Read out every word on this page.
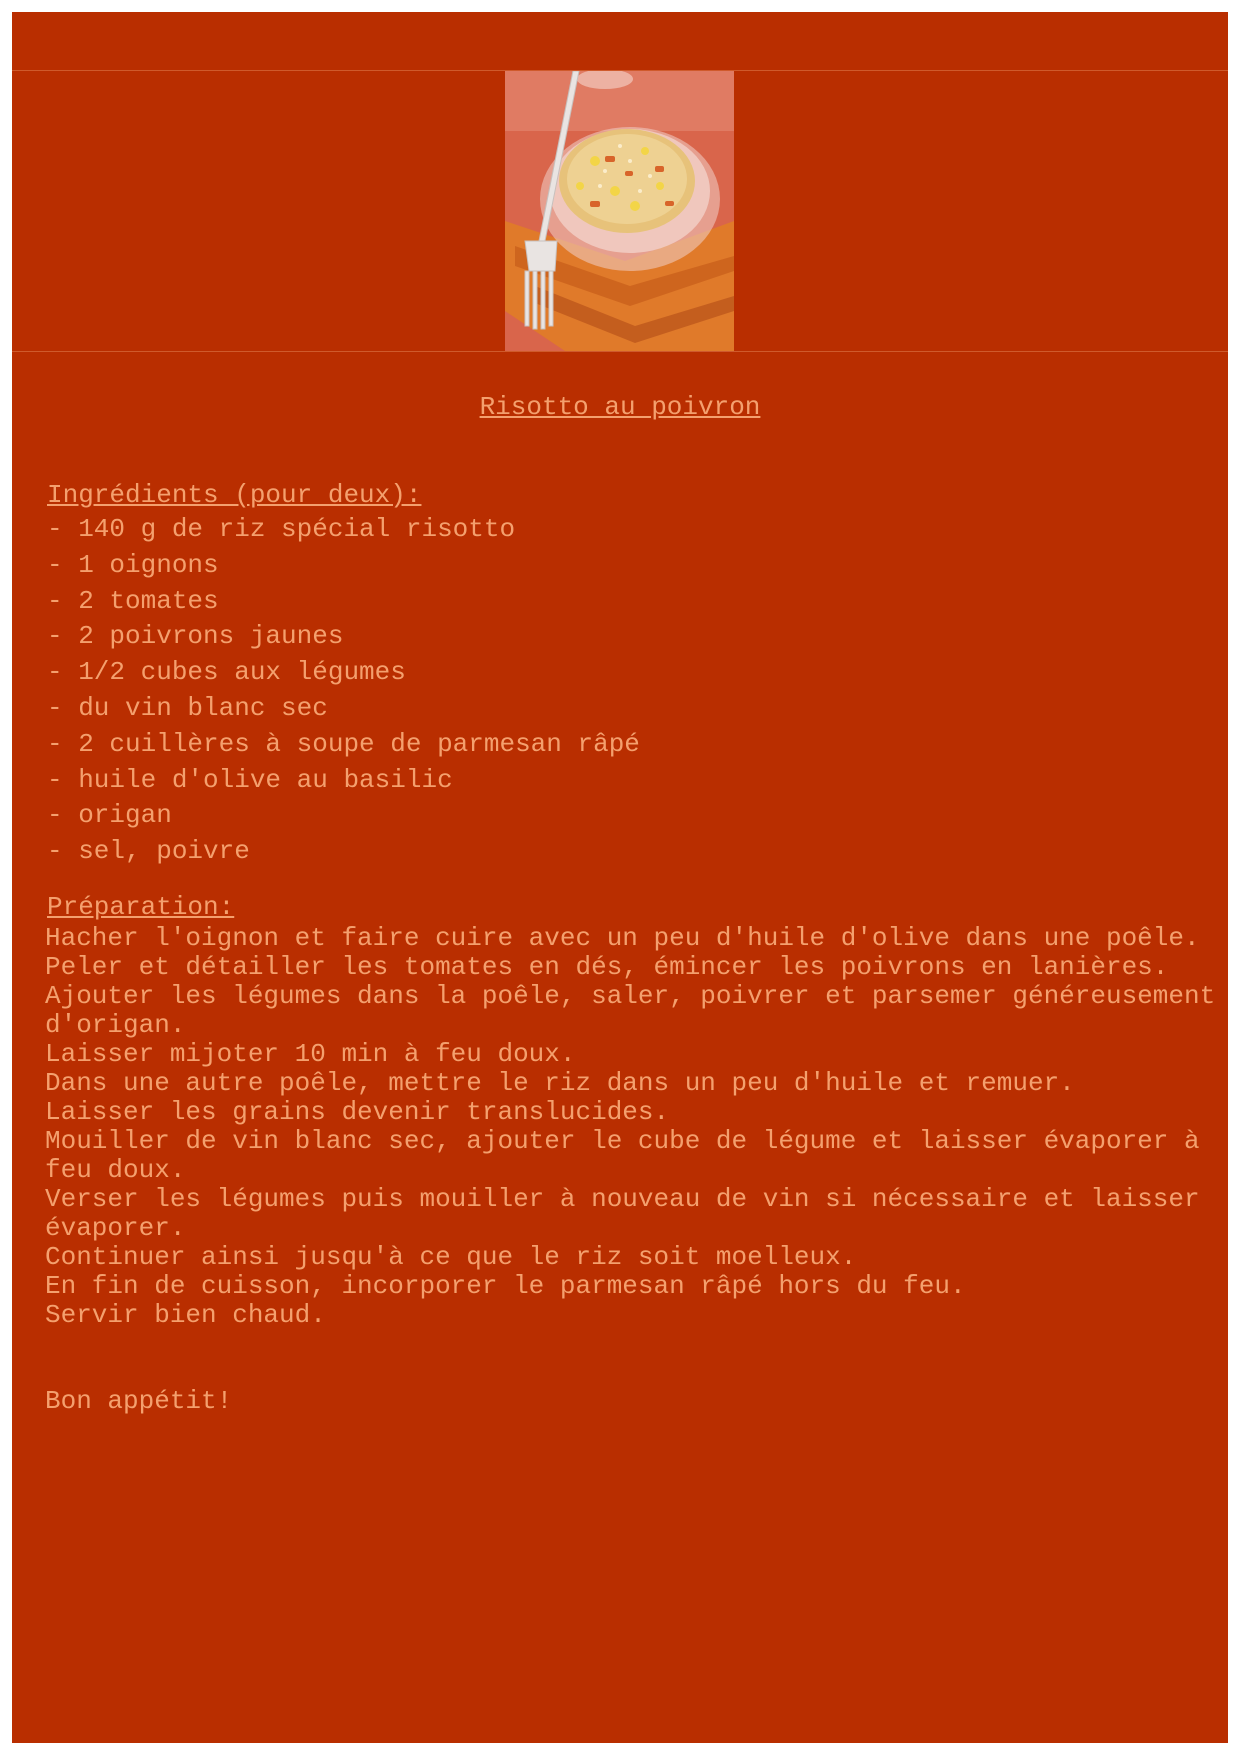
Risotto au poivron
Ingrédients (pour deux):
- 140 g de riz spécial risotto
- 1 oignons
- 2 tomates
- 2 poivrons jaunes
- 1/2 cubes aux légumes
- du vin blanc sec
- 2 cuillères à soupe de parmesan râpé
- huile d'olive au basilic
- origan
- sel, poivre
Préparation:
Hacher l'oignon et faire cuire avec un peu d'huile d'olive dans une poêle.
Peler et détailler les tomates en dés, émincer les poivrons en lanières.
Ajouter les légumes dans la poêle, saler, poivrer et parsemer généreusement d'origan.
Laisser mijoter 10 min à feu doux.
Dans une autre poêle, mettre le riz dans un peu d'huile et remuer.
Laisser les grains devenir translucides.
Mouiller de vin blanc sec, ajouter le cube de légume et laisser évaporer à feu doux.
Verser les légumes puis mouiller à nouveau de vin si nécessaire et laisser évaporer.
Continuer ainsi jusqu'à ce que le riz soit moelleux.
En fin de cuisson, incorporer le parmesan râpé hors du feu.
Servir bien chaud.
Bon appétit!
